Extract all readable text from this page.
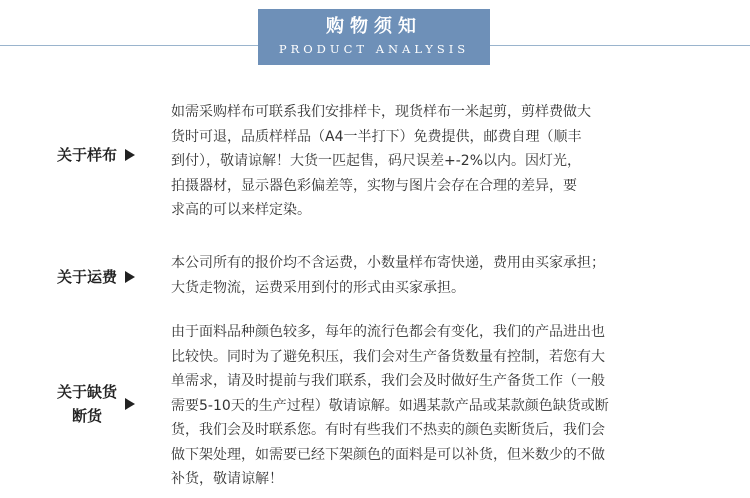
购物须知
PRODUCT ANALYSIS
关于样布

如需采购样布可联系我们安排样卡，现货样布一米起剪，剪样费做大
货时可退，品质样样品（A4一半打下）免费提供，邮费自理（顺丰
到付），敬请谅解！大货一匹起售，码尺误差+-2%以内。因灯光，
拍摄器材，显示器色彩偏差等，实物与图片会存在合理的差异，要
求高的可以来样定染。

关于运费

本公司所有的报价均不含运费，小数量样布寄快递，费用由买家承担；
大货走物流，运费采用到付的形式由买家承担。

关于缺货
断货

由于面料品种颜色较多，每年的流行色都会有变化，我们的产品进出也
比较快。同时为了避免积压，我们会对生产备货数量有控制，若您有大
单需求，请及时提前与我们联系，我们会及时做好生产备货工作（一般
需要5-10天的生产过程）敬请谅解。如遇某款产品或某款颜色缺货或断
货，我们会及时联系您。有时有些我们不热卖的颜色卖断货后，我们会
做下架处理，如需要已经下架颜色的面料是可以补货，但米数少的不做
补货，敬请谅解！
